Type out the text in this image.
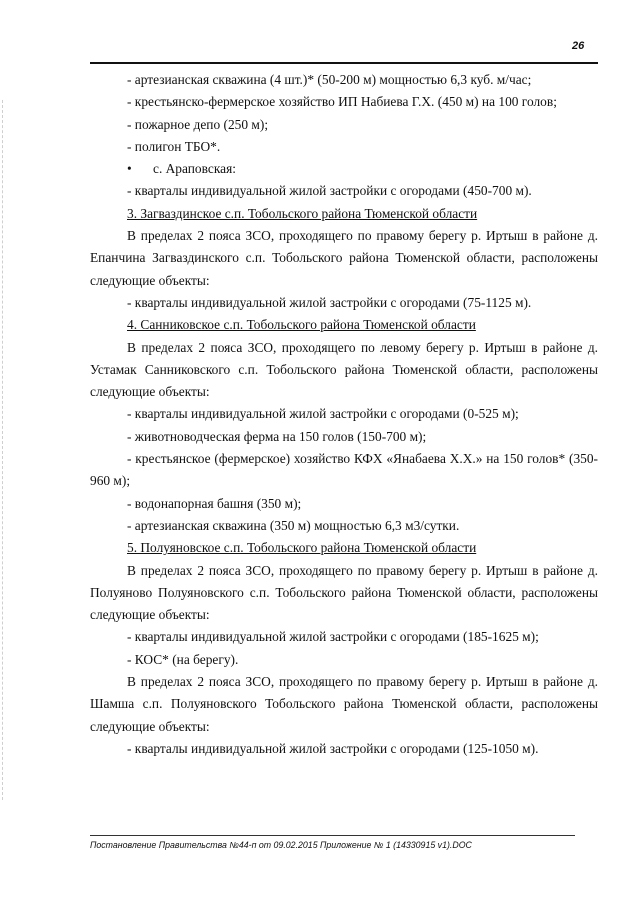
26

- артезианская скважина (4 шт.)* (50-200 м) мощностью 6,3 куб. м/час;

- крестьянско-фермерское хозяйство ИП Набиева Г.Х. (450 м) на 100 голов;

- пожарное депо (250 м);

- полигон ТБО*.

• с. Араповская:

- кварталы индивидуальной жилой застройки с огородами (450-700 м).

3. Загваздинское с.п. Тобольского района Тюменской области

В пределах 2 пояса ЗСО, проходящего по правому берегу р. Иртыш в районе д. Епанчина Загваздинского с.п. Тобольского района Тюменской области, расположены следующие объекты:

- кварталы индивидуальной жилой застройки с огородами (75-1125 м).

4. Санниковское с.п. Тобольского района Тюменской области

В пределах 2 пояса ЗСО, проходящего по левому берегу р. Иртыш в районе д. Устамак Санниковского с.п. Тобольского района Тюменской области, расположены следующие объекты:

- кварталы индивидуальной жилой застройки с огородами (0-525 м);

- животноводческая ферма на 150 голов (150-700 м);

- крестьянское (фермерское) хозяйство КФХ «Янабаева Х.Х.» на 150 голов* (350-960 м);

- водонапорная башня (350 м);

- артезианская скважина (350 м) мощностью 6,3 м3/сутки.

5. Полуяновское с.п. Тобольского района Тюменской области

В пределах 2 пояса ЗСО, проходящего по правому берегу р. Иртыш в районе д. Полуяново Полуяновского с.п. Тобольского района Тюменской области, расположены следующие объекты:

- кварталы индивидуальной жилой застройки с огородами (185-1625 м);

- КОС* (на берегу).

В пределах 2 пояса ЗСО, проходящего по правому берегу р. Иртыш в районе д. Шамша с.п. Полуяновского Тобольского района Тюменской области, расположены следующие объекты:

- кварталы индивидуальной жилой застройки с огородами (125-1050 м).

Постановление Правительства №44-п от 09.02.2015 Приложение № 1 (14330915 v1).DOC
